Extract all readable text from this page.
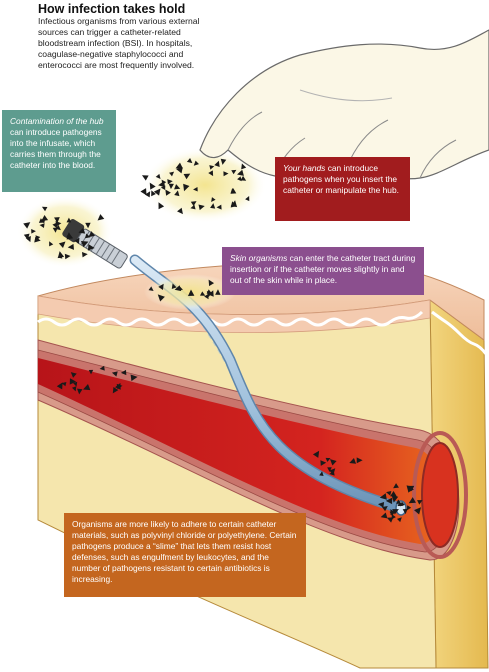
How infection takes hold
Infectious organisms from various external sources can trigger a catheter-related bloodstream infection (BSI). In hospitals, coagulase-negative staphylococci and enterococci are most frequently involved.
Contamination of the hub can introduce pathogens into the infusate, which carries them through the catheter into the blood.	Your hands can introduce pathogens when you insert the catheter or manipulate the hub.
Skin organisms can enter the catheter tract during insertion or if the catheter moves slightly in and out of the skin while in place.
Organisms are more likely to adhere to certain catheter materials, such as polyvinyl chloride or polyethylene. Certain pathogens produce a “slime” that lets them resist host defenses, such as engulfment by leukocytes, and the number of pathogens resistant to certain antibiotics is increasing.
